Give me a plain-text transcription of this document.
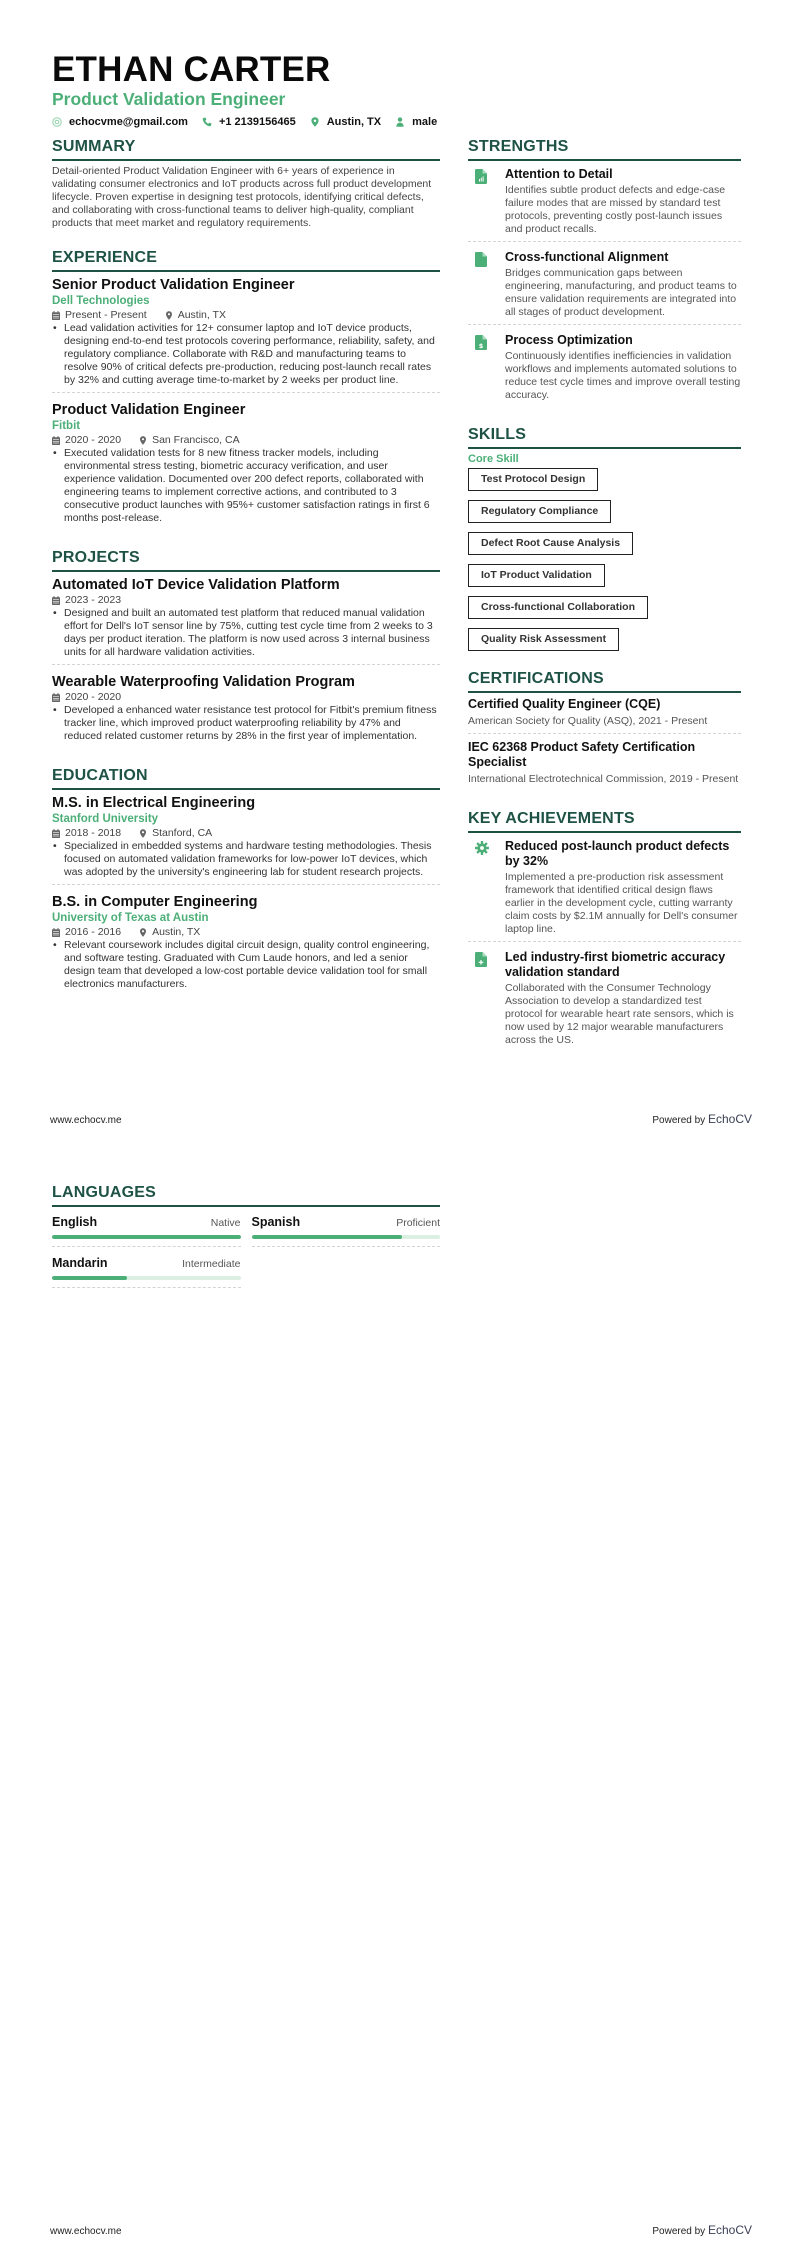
ETHAN CARTER
Product Validation Engineer
echocvme@gmail.com	+1 2139156465	Austin, TX	male
SUMMARY
Detail-oriented Product Validation Engineer with 6+ years of experience in validating consumer electronics and IoT products across full product development lifecycle. Proven expertise in designing test protocols, identifying critical defects, and collaborating with cross-functional teams to deliver high-quality, compliant products that meet market and regulatory requirements.
EXPERIENCE
Senior Product Validation Engineer
Dell Technologies
Present - Present	Austin, TX
• Lead validation activities for 12+ consumer laptop and IoT device products, designing end-to-end test protocols covering performance, reliability, safety, and regulatory compliance. Collaborate with R&D and manufacturing teams to resolve 90% of critical defects pre-production, reducing post-launch recall rates by 32% and cutting average time-to-market by 2 weeks per product line.
Product Validation Engineer
Fitbit
2020 - 2020	San Francisco, CA
• Executed validation tests for 8 new fitness tracker models, including environmental stress testing, biometric accuracy verification, and user experience validation. Documented over 200 defect reports, collaborated with engineering teams to implement corrective actions, and contributed to 3 consecutive product launches with 95%+ customer satisfaction ratings in first 6 months post-release.
PROJECTS
Automated IoT Device Validation Platform
2023 - 2023
• Designed and built an automated test platform that reduced manual validation effort for Dell's IoT sensor line by 75%, cutting test cycle time from 2 weeks to 3 days per product iteration. The platform is now used across 3 internal business units for all hardware validation activities.
Wearable Waterproofing Validation Program
2020 - 2020
• Developed a enhanced water resistance test protocol for Fitbit's premium fitness tracker line, which improved product waterproofing reliability by 47% and reduced related customer returns by 28% in the first year of implementation.
EDUCATION
M.S. in Electrical Engineering
Stanford University
2018 - 2018	Stanford, CA
• Specialized in embedded systems and hardware testing methodologies. Thesis focused on automated validation frameworks for low-power IoT devices, which was adopted by the university's engineering lab for student research projects.
B.S. in Computer Engineering
University of Texas at Austin
2016 - 2016	Austin, TX
• Relevant coursework includes digital circuit design, quality control engineering, and software testing. Graduated with Cum Laude honors, and led a senior design team that developed a low-cost portable device validation tool for small electronics manufacturers.
STRENGTHS
Attention to Detail
Identifies subtle product defects and edge-case failure modes that are missed by standard test protocols, preventing costly post-launch issues and product recalls.
Cross-functional Alignment
Bridges communication gaps between engineering, manufacturing, and product teams to ensure validation requirements are integrated into all stages of product development.
$ Process Optimization
Continuously identifies inefficiencies in validation workflows and implements automated solutions to reduce test cycle times and improve overall testing accuracy.
SKILLS
Core Skill
Test Protocol Design
Regulatory Compliance
Defect Root Cause Analysis
IoT Product Validation
Cross-functional Collaboration
Quality Risk Assessment
CERTIFICATIONS
Certified Quality Engineer (CQE)
American Society for Quality (ASQ), 2021 - Present
IEC 62368 Product Safety Certification Specialist
International Electrotechnical Commission, 2019 - Present
KEY ACHIEVEMENTS
Reduced post-launch product defects by 32%
Implemented a pre-production risk assessment framework that identified critical design flaws earlier in the development cycle, cutting warranty claim costs by $2.1M annually for Dell's consumer laptop line.
Led industry-first biometric accuracy validation standard
Collaborated with the Consumer Technology Association to develop a standardized test protocol for wearable heart rate sensors, which is now used by 12 major wearable manufacturers across the US.
www.echocv.me	Powered by EchoCV
LANGUAGES
English	Native Spanish	Proficient
Mandarin	Intermediate
www.echocv.me	Powered by EchoCV
